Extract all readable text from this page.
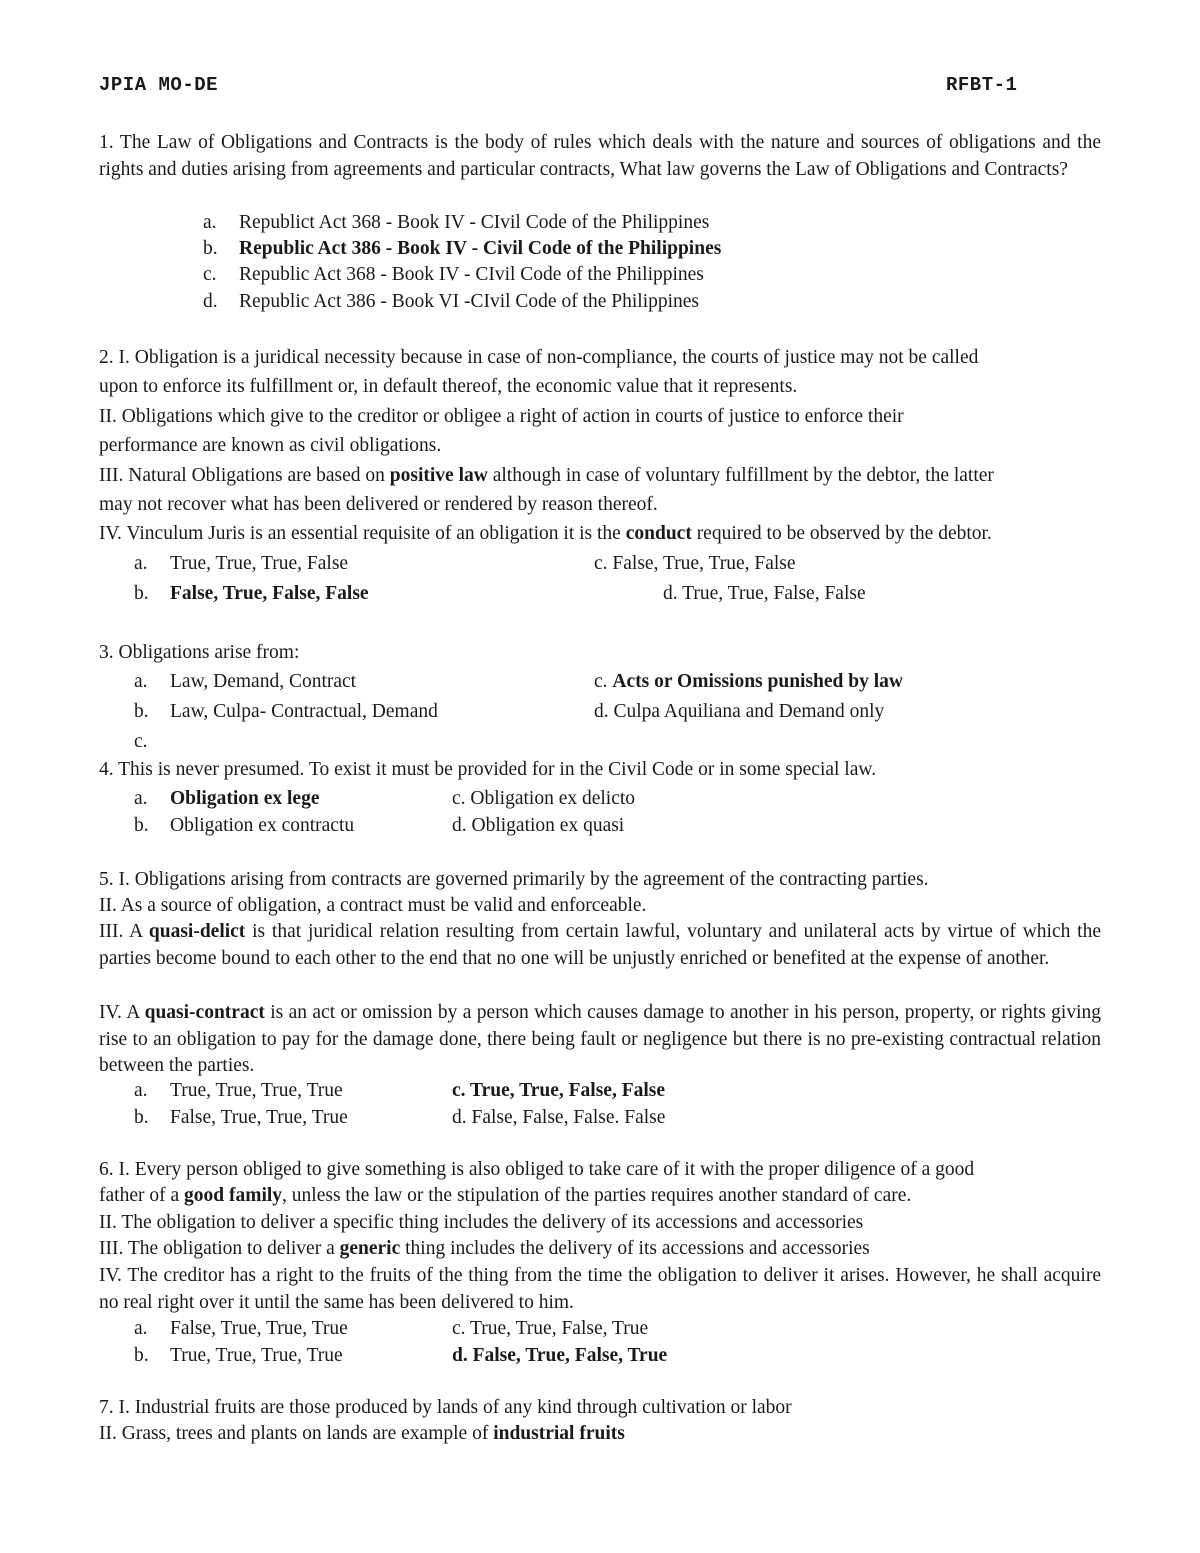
JPIA MO-DE	RFBT-1
1. The Law of Obligations and Contracts is the body of rules which deals with the nature and sources of obligations and the rights and duties arising from agreements and particular contracts, What law governs the Law of Obligations and Contracts?
a. Republict Act 368 - Book IV - CIvil Code of the Philippines
b. Republic Act 386 - Book IV - Civil Code of the Philippines
c. Republic Act 368 - Book IV - CIvil Code of the Philippines
d. Republic Act 386 - Book VI -CIvil Code of the Philippines
2. I. Obligation is a juridical necessity because in case of non-compliance, the courts of justice may not be called
upon to enforce its fulfillment or, in default thereof, the economic value that it represents.
II. Obligations which give to the creditor or obligee a right of action in courts of justice to enforce their
performance are known as civil obligations.
III. Natural Obligations are based on positive law although in case of voluntary fulfillment by the debtor, the latter
may not recover what has been delivered or rendered by reason thereof.
IV. Vinculum Juris is an essential requisite of an obligation it is the conduct required to be observed by the debtor.
a. True, True, True, False	c. False, True, True, False
b. False, True, False, False	d. True, True, False, False
3. Obligations arise from:
a. Law, Demand, Contract	c. Acts or Omissions punished by law
b. Law, Culpa- Contractual, Demand	d. Culpa Aquiliana and Demand only
c.
4. This is never presumed. To exist it must be provided for in the Civil Code or in some special law.
a. Obligation ex lege	c. Obligation ex delicto
b. Obligation ex contractu	d. Obligation ex quasi
5. I. Obligations arising from contracts are governed primarily by the agreement of the contracting parties.
II. As a source of obligation, a contract must be valid and enforceable.
III. A quasi-delict is that juridical relation resulting from certain lawful, voluntary and unilateral acts by virtue of which the parties become bound to each other to the end that no one will be unjustly enriched or benefited at the expense of another.
IV. A quasi-contract is an act or omission by a person which causes damage to another in his person, property, or rights giving rise to an obligation to pay for the damage done, there being fault or negligence but there is no pre-existing contractual relation between the parties.
a. True, True, True, True	c. True, True, False, False
b. False, True, True, True	d. False, False, False. False
6. I. Every person obliged to give something is also obliged to take care of it with the proper diligence of a good
father of a good family, unless the law or the stipulation of the parties requires another standard of care.
II. The obligation to deliver a specific thing includes the delivery of its accessions and accessories
III. The obligation to deliver a generic thing includes the delivery of its accessions and accessories
IV. The creditor has a right to the fruits of the thing from the time the obligation to deliver it arises. However, he shall acquire no real right over it until the same has been delivered to him.
a. False, True, True, True	c. True, True, False, True
b. True, True, True, True	d. False, True, False, True
7. I. Industrial fruits are those produced by lands of any kind through cultivation or labor
II. Grass, trees and plants on lands are example of industrial fruits
